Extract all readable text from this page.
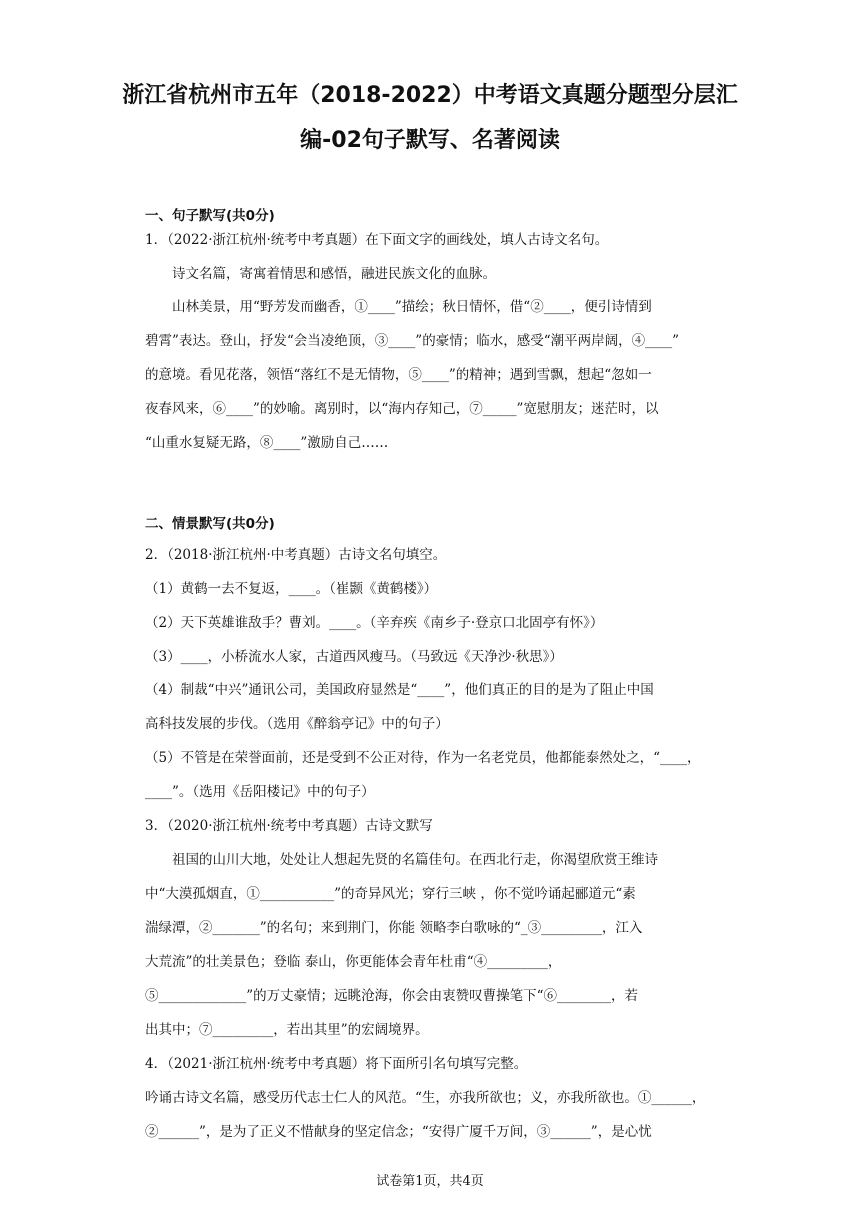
浙江省杭州市五年（2018-2022）中考语文真题分题型分层汇
编-02句子默写、名著阅读
一、句子默写(共0分)
1．（2022·浙江杭州·统考中考真题）在下面文字的画线处，填人古诗文名句。
诗文名篇，寄寓着情思和感悟，融进民族文化的血脉。
山林美景，用“野芳发而幽香，①____”描绘；秋日情怀，借“②____，便引诗情到
碧霄”表达。登山，抒发“会当凌绝顶，③____”的豪情；临水，感受“潮平两岸阔，④____”
的意境。看见花落，领悟“落红不是无情物，⑤____”的精神；遇到雪飘，想起“忽如一
夜春风来，⑥____”的妙喻。离别时，以“海内存知己，⑦_____”宽慰朋友；迷茫时，以
“山重水复疑无路，⑧____”激励自己……
二、情景默写(共0分)
2．（2018·浙江杭州·中考真题）古诗文名句填空。
（1）黄鹤一去不复返，____。（崔颢《黄鹤楼》）
（2）天下英雄谁敌手？曹刘。____。（辛弃疾《南乡子·登京口北固亭有怀》）
（3）____，小桥流水人家，古道西风瘦马。（马致远《天净沙·秋思》）
（4）制裁“中兴”通讯公司，美国政府显然是“____”，他们真正的目的是为了阻止中国
高科技发展的步伐。（选用《醉翁亭记》中的句子）
（5）不管是在荣誉面前，还是受到不公正对待，作为一名老党员，他都能泰然处之，“____，
____”。（选用《岳阳楼记》中的句子）
3．（2020·浙江杭州·统考中考真题）古诗文默写
祖国的山川大地，处处让人想起先贤的名篇佳句。在西北行走，你渴望欣赏王维诗
中“大漠孤烟直，①___________”的奇异风光；穿行三峡 ，你不觉吟诵起郦道元“素
湍绿潭，②_______”的名句；来到荆门，你能 领略李白歌咏的“_③_________，江入
大荒流”的壮美景色；登临 泰山，你更能体会青年杜甫“④_________，
⑤_____________”的万丈豪情；远眺沧海，你会由衷赞叹曹操笔下“⑥________，若
出其中；⑦_________，若出其里”的宏阔境界。
4．（2021·浙江杭州·统考中考真题）将下面所引名句填写完整。
吟诵古诗文名篇，感受历代志士仁人的风范。“生，亦我所欲也；义，亦我所欲也。①______，
②______”，是为了正义不惜献身的坚定信念；“安得广厦千万间，③______”，是心忧
试卷第1页，共4页
